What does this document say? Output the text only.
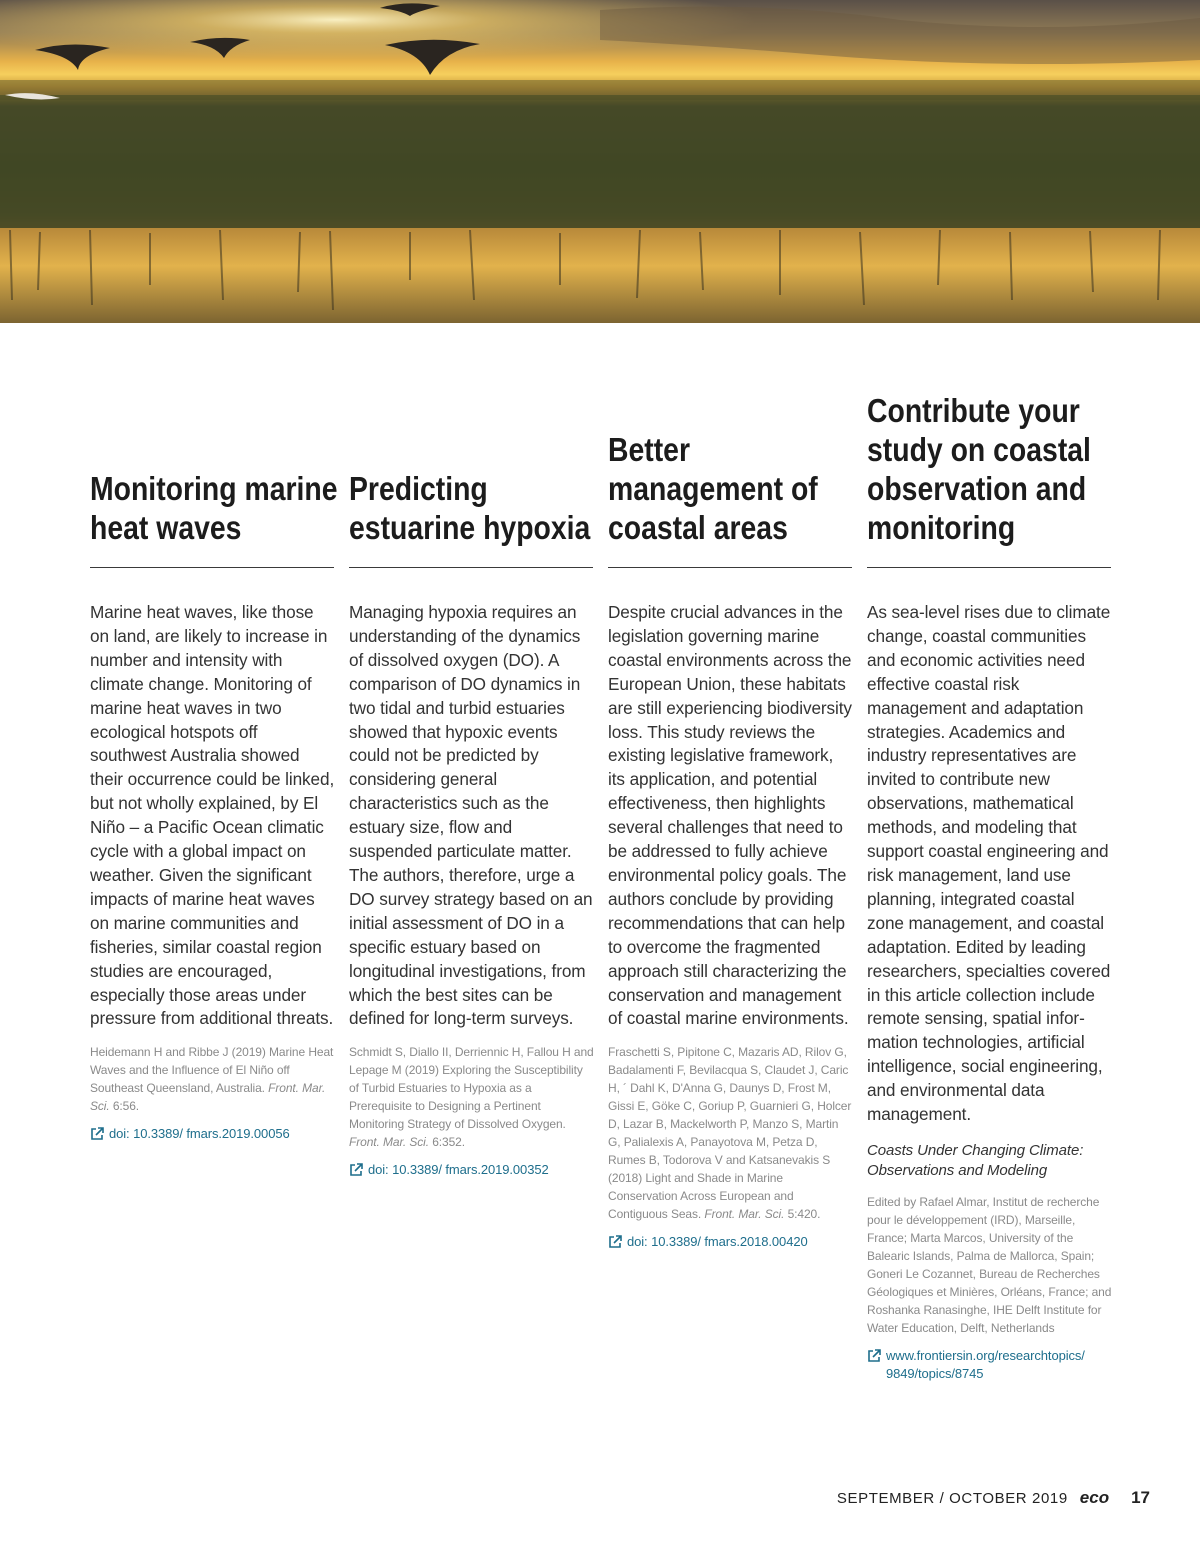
Monitoring marine heat waves

Marine heat waves, like those on land, are likely to increase in number and intensity with climate change. Monitoring of marine heat waves in two ecological hotspots off southwest Australia showed their occurrence could be linked, but not wholly explained, by El Niño – a Pacific Ocean climatic cycle with a global impact on weather. Given the significant impacts of marine heat waves on marine communities and fisheries, similar coastal region studies are encouraged, especially those areas under pressure from additional threats.

Heidemann H and Ribbe J (2019) Marine Heat Waves and the Influence of El Niño off Southeast Queensland, Australia. Front. Mar. Sci. 6:56.
doi: 10.3389/ fmars.2019.00056
Predicting estuarine hypoxia

Managing hypoxia requires an understanding of the dynamics of dissolved oxygen (DO). A comparison of DO dynamics in two tidal and turbid estuaries showed that hypoxic events could not be predicted by considering general characteristics such as the estuary size, flow and suspended particulate matter. The authors, therefore, urge a DO survey strategy based on an initial assessment of DO in a specific estuary based on longitudinal investigations, from which the best sites can be defined for long-term surveys.

Schmidt S, Diallo II, Derriennic H, Fallou H and Lepage M (2019) Exploring the Susceptibility of Turbid Estuaries to Hypoxia as a Prerequisite to Designing a Pertinent Monitoring Strategy of Dissolved Oxygen. Front. Mar. Sci. 6:352.
doi: 10.3389/ fmars.2019.00352
Better management of coastal areas

Despite crucial advances in the legislation governing marine coastal environments across the European Union, these habitats are still experiencing biodiversity loss. This study reviews the existing legislative framework, its application, and potential effectiveness, then highlights several challenges that need to be addressed to fully achieve environmental policy goals. The authors conclude by providing recommendations that can help to overcome the fragmented approach still characterizing the conservation and management of coastal marine environments.

Fraschetti S, Pipitone C, Mazaris AD, Rilov G, Badalamenti F, Bevilacqua S, Claudet J, Caric H, ´ Dahl K, D'Anna G, Daunys D, Frost M, Gissi E, Göke C, Goriup P, Guarnieri G, Holcer D, Lazar B, Mackelworth P, Manzo S, Martin G, Palialexis A, Panayotova M, Petza D, Rumes B, Todorova V and Katsanevakis S (2018) Light and Shade in Marine Conservation Across European and Contiguous Seas. Front. Mar. Sci. 5:420.
doi: 10.3389/ fmars.2018.00420
Contribute your study on coastal observation and monitoring

As sea-level rises due to climate change, coastal communities and economic activities need effective coastal risk management and adaptation strategies. Academics and industry representatives are invited to contribute new observations, mathematical methods, and modeling that support coastal engineering and risk management, land use planning, integrated coastal zone management, and coastal adaptation. Edited by leading researchers, specialties covered in this article collection include remote sensing, spatial information technologies, artificial intelligence, social engineering, and environmental data management.

Coasts Under Changing Climate: Observations and Modeling
Edited by Rafael Almar, Institut de recherche pour le développement (IRD), Marseille, France; Marta Marcos, University of the Balearic Islands, Palma de Mallorca, Spain; Goneri Le Cozannet, Bureau de Recherches Géologiques et Minières, Orléans, France; and Roshanka Ranasinghe, IHE Delft Institute for Water Education, Delft, Netherlands
www.frontiersin.org/researchtopics/9849/topics/8745
SEPTEMBER / OCTOBER 2019 eco 17
